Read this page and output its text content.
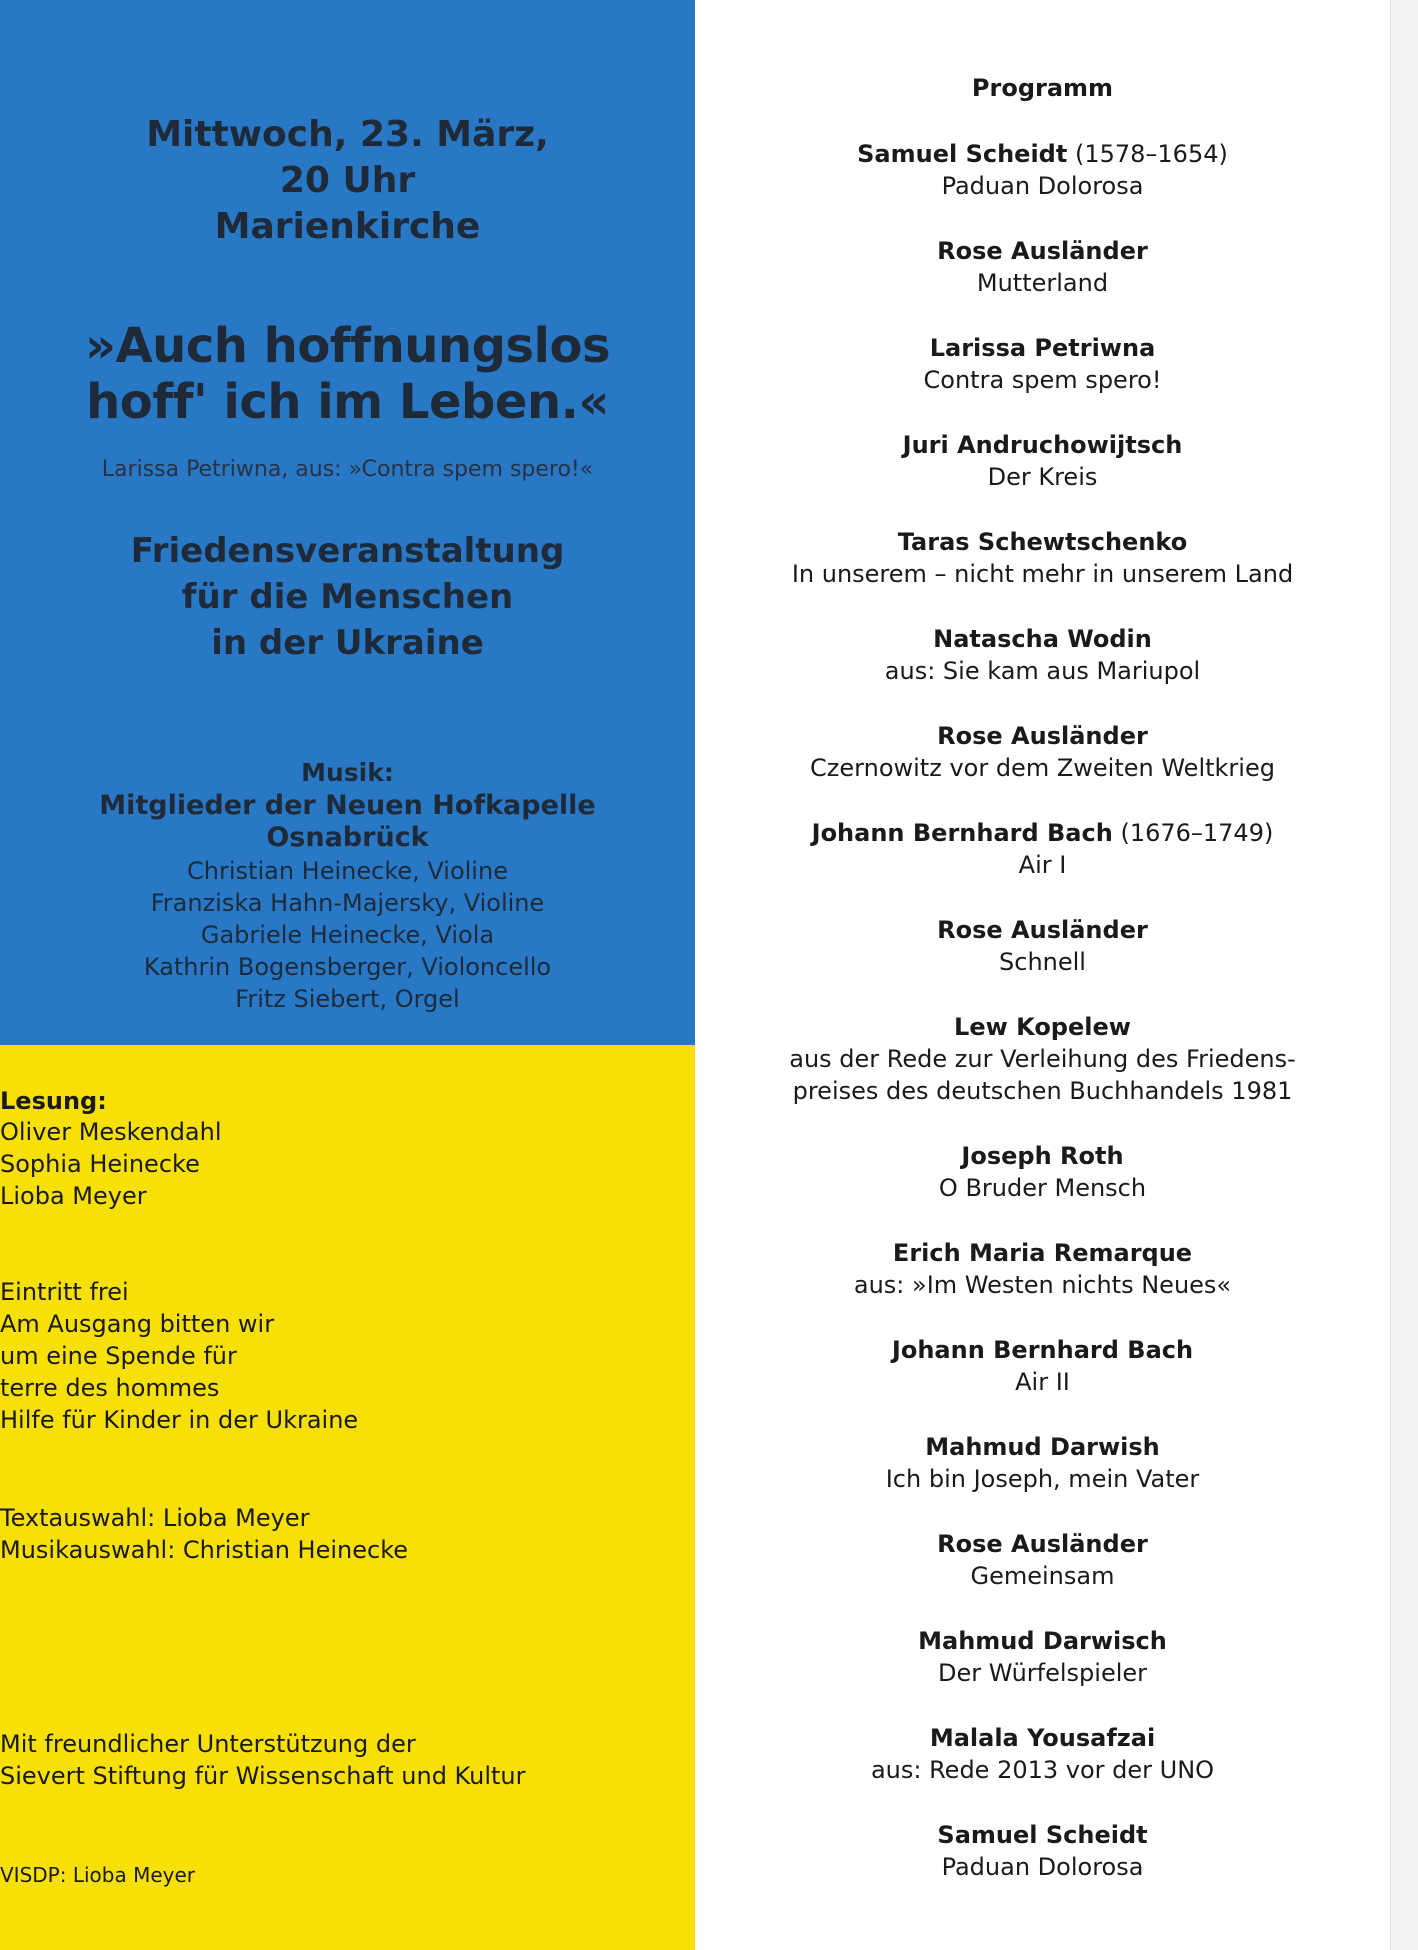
Mittwoch, 23. März,
20 Uhr
Marienkirche
»Auch hoffnungslos
hoff' ich im Leben.«
Larissa Petriwna, aus: »Contra spem spero!«
Friedensveranstaltung
für die Menschen
in der Ukraine
Musik:
Mitglieder der Neuen Hofkapelle
Osnabrück
Christian Heinecke, Violine
Franziska Hahn-Majersky, Violine
Gabriele Heinecke, Viola
Kathrin Bogensberger, Violoncello
Fritz Siebert, Orgel
Lesung:
Oliver Meskendahl
Sophia Heinecke
Lioba Meyer
Eintritt frei
Am Ausgang bitten wir
um eine Spende für
terre des hommes
Hilfe für Kinder in der Ukraine
Textauswahl: Lioba Meyer
Musikauswahl: Christian Heinecke
Mit freundlicher Unterstützung der
Sievert Stiftung für Wissenschaft und Kultur
VISDP: Lioba Meyer
Programm
Samuel Scheidt (1578–1654)
Paduan Dolorosa
Rose Ausländer
Mutterland
Larissa Petriwna
Contra spem spero!
Juri Andruchowijtsch
Der Kreis
Taras Schewtschenko
In unserem – nicht mehr in unserem Land
Natascha Wodin
aus: Sie kam aus Mariupol
Rose Ausländer
Czernowitz vor dem Zweiten Weltkrieg
Johann Bernhard Bach (1676–1749)
Air I
Rose Ausländer
Schnell
Lew Kopelew
aus der Rede zur Verleihung des Friedens-
preises des deutschen Buchhandels 1981
Joseph Roth
O Bruder Mensch
Erich Maria Remarque
aus: »Im Westen nichts Neues«
Johann Bernhard Bach
Air II
Mahmud Darwish
Ich bin Joseph, mein Vater
Rose Ausländer
Gemeinsam
Mahmud Darwisch
Der Würfelspieler
Malala Yousafzai
aus: Rede 2013 vor der UNO
Samuel Scheidt
Paduan Dolorosa
